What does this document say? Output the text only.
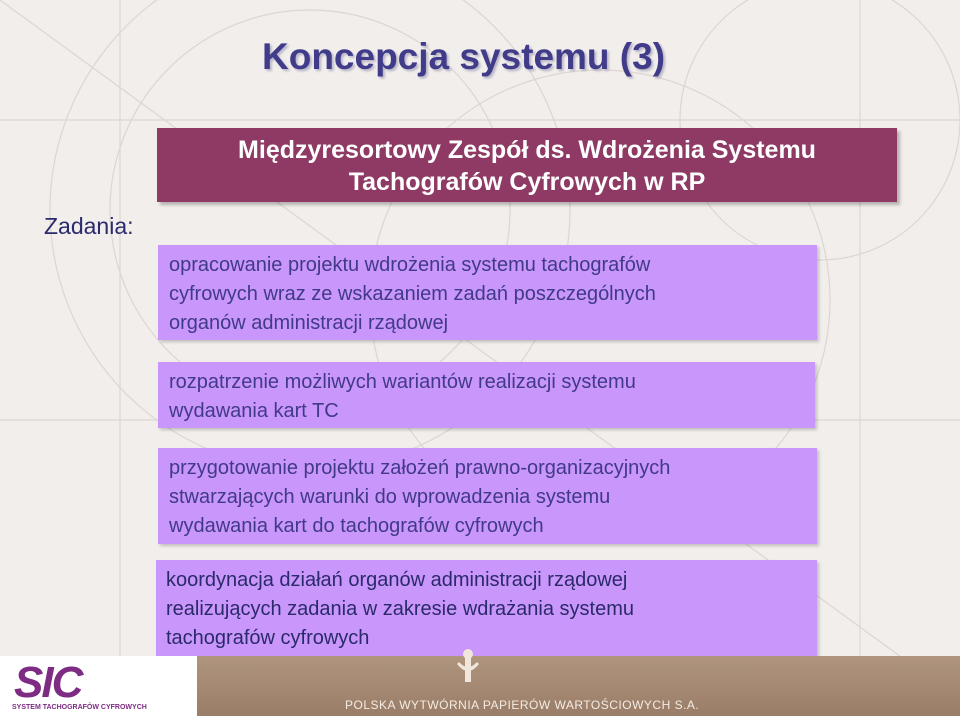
Koncepcja systemu (3)
Międzyresortowy Zespół ds. Wdrożenia Systemu
Tachografów Cyfrowych w RP
Zadania:
opracowanie projektu wdrożenia systemu tachografów
cyfrowych wraz ze wskazaniem zadań poszczególnych
organów administracji rządowej
rozpatrzenie możliwych wariantów realizacji systemu
wydawania kart TC
przygotowanie projektu założeń prawno-organizacyjnych
stwarzających warunki do wprowadzenia systemu
wydawania kart do tachografów cyfrowych
koordynacja działań organów administracji rządowej
realizujących zadania w zakresie wdrażania systemu
tachografów cyfrowych
SIC
SYSTEM TACHOGRAFÓW CYFROWYCH	POLSKA WYTWÓRNIA PAPIERÓW WARTOŚCIOWYCH S.A.
